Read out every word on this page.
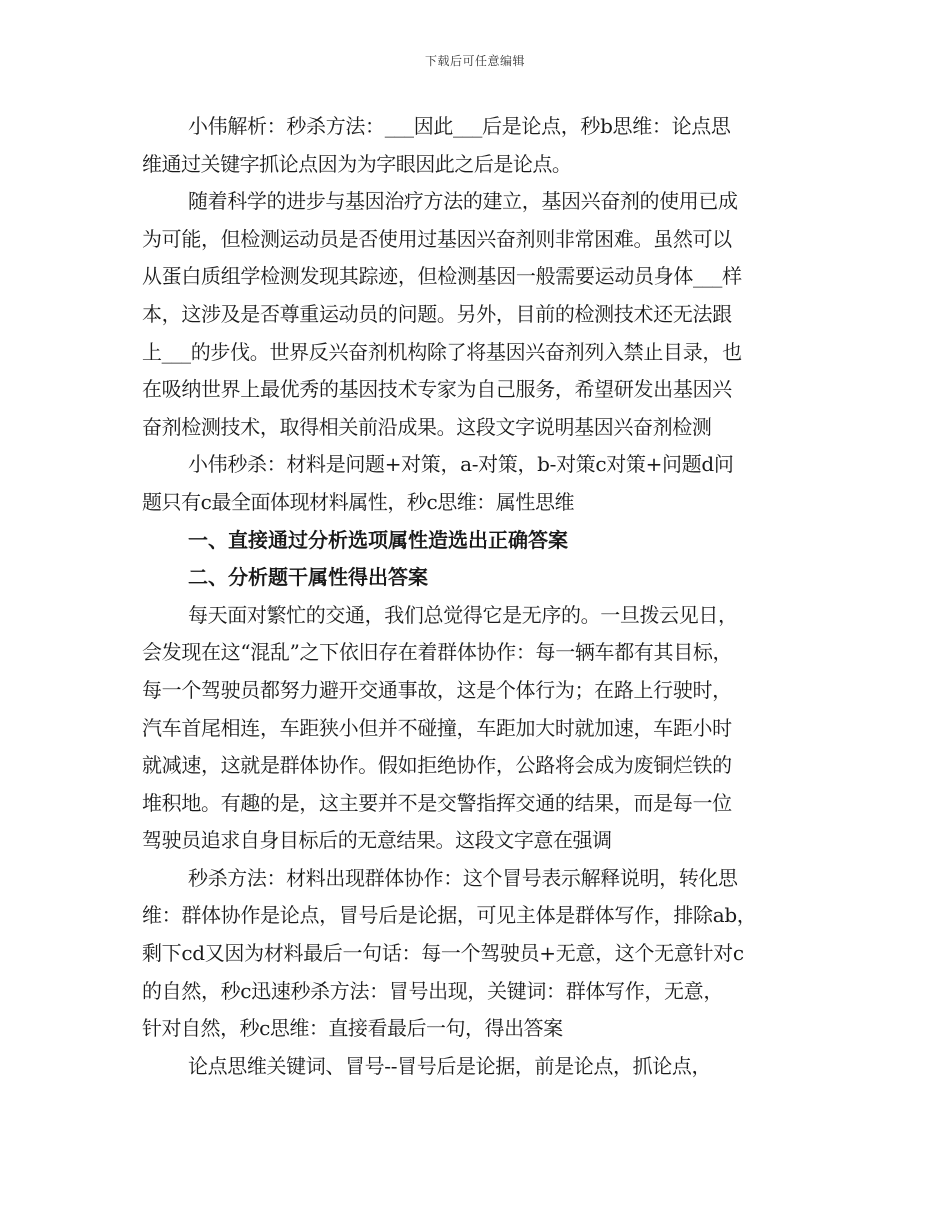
下载后可任意编辑
小伟解析：秒杀方法：___因此___后是论点，秒b思维：论点思
维通过关键字抓论点因为为字眼因此之后是论点。
随着科学的进步与基因治疗方法的建立，基因兴奋剂的使用已成
为可能，但检测运动员是否使用过基因兴奋剂则非常困难。虽然可以
从蛋白质组学检测发现其踪迹，但检测基因一般需要运动员身体___样
本，这涉及是否尊重运动员的问题。另外，目前的检测技术还无法跟
上___的步伐。世界反兴奋剂机构除了将基因兴奋剂列入禁止目录，也
在吸纳世界上最优秀的基因技术专家为自己服务，希望研发出基因兴
奋剂检测技术，取得相关前沿成果。这段文字说明基因兴奋剂检测
小伟秒杀：材料是问题+对策，a-对策，b-对策c对策+问题d问
题只有c最全面体现材料属性，秒c思维：属性思维
一、直接通过分析选项属性造选出正确答案
二、分析题干属性得出答案
每天面对繁忙的交通，我们总觉得它是无序的。一旦拨云见日，
会发现在这“混乱”之下依旧存在着群体协作：每一辆车都有其目标，
每一个驾驶员都努力避开交通事故，这是个体行为；在路上行驶时，
汽车首尾相连，车距狭小但并不碰撞，车距加大时就加速，车距小时
就减速，这就是群体协作。假如拒绝协作，公路将会成为废铜烂铁的
堆积地。有趣的是，这主要并不是交警指挥交通的结果，而是每一位
驾驶员追求自身目标后的无意结果。这段文字意在强调
秒杀方法：材料出现群体协作：这个冒号表示解释说明，转化思
维：群体协作是论点，冒号后是论据，可见主体是群体写作，排除ab，
剩下cd又因为材料最后一句话：每一个驾驶员+无意，这个无意针对c
的自然，秒c迅速秒杀方法：冒号出现，关键词：群体写作，无意，
针对自然，秒c思维：直接看最后一句，得出答案
论点思维关键词、冒号--冒号后是论据，前是论点，抓论点，
